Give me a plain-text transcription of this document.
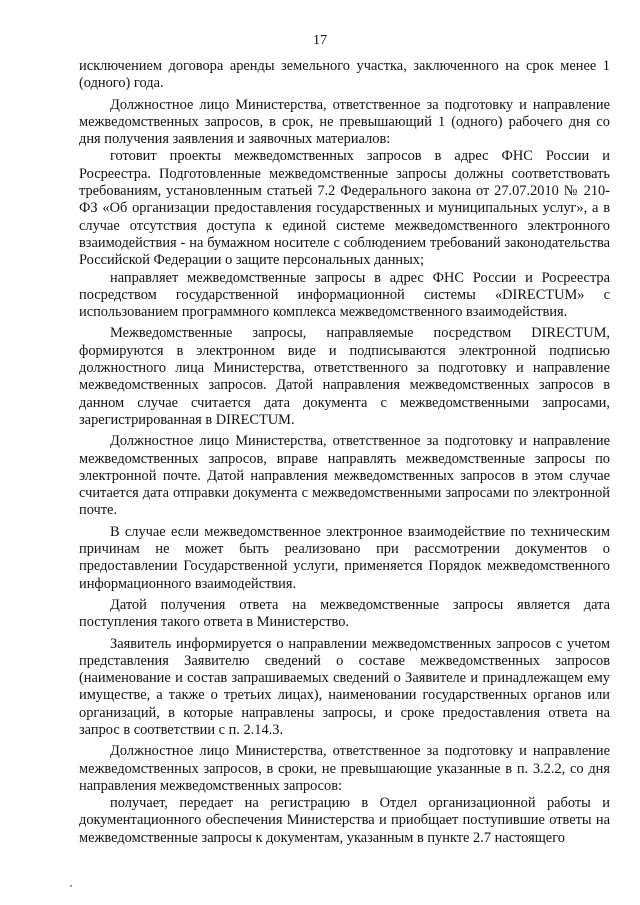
17

исключением договора аренды земельного участка, заключенного на срок менее 1 (одного) года.

Должностное лицо Министерства, ответственное за подготовку и направление межведомственных запросов, в срок, не превышающий 1 (одного) рабочего дня со дня получения заявления и заявочных материалов:

готовит проекты межведомственных запросов в адрес ФНС России и Росреестра. Подготовленные межведомственные запросы должны соответствовать требованиям, установленным статьей 7.2 Федерального закона от 27.07.2010 № 210-ФЗ «Об организации предоставления государственных и муниципальных услуг», а в случае отсутствия доступа к единой системе межведомственного электронного взаимодействия - на бумажном носителе с соблюдением требований законодательства Российской Федерации о защите персональных данных;

направляет межведомственные запросы в адрес ФНС России и Росреестра посредством государственной информационной системы «DIRECTUM» с использованием программного комплекса межведомственного взаимодействия.

Межведомственные запросы, направляемые посредством DIRECTUM, формируются в электронном виде и подписываются электронной подписью должностного лица Министерства, ответственного за подготовку и направление межведомственных запросов. Датой направления межведомственных запросов в данном случае считается дата документа с межведомственными запросами, зарегистрированная в DIRECTUM.

Должностное лицо Министерства, ответственное за подготовку и направление межведомственных запросов, вправе направлять межведомственные запросы по электронной почте. Датой направления межведомственных запросов в этом случае считается дата отправки документа с межведомственными запросами по электронной почте.

В случае если межведомственное электронное взаимодействие по техническим причинам не может быть реализовано при рассмотрении документов о предоставлении Государственной услуги, применяется Порядок межведомственного информационного взаимодействия.

Датой получения ответа на межведомственные запросы является дата поступления такого ответа в Министерство.

Заявитель информируется о направлении межведомственных запросов с учетом представления Заявителю сведений о составе межведомственных запросов (наименование и состав запрашиваемых сведений о Заявителе и принадлежащем ему имуществе, а также о третьих лицах), наименовании государственных органов или организаций, в которые направлены запросы, и сроке предоставления ответа на запрос в соответствии с п. 2.14.3.

Должностное лицо Министерства, ответственное за подготовку и направление межведомственных запросов, в сроки, не превышающие указанные в п. 3.2.2, со дня направления межведомственных запросов:

получает, передает на регистрацию в Отдел организационной работы и документационного обеспечения Министерства и приобщает поступившие ответы на межведомственные запросы к документам, указанным в пункте 2.7 настоящего
